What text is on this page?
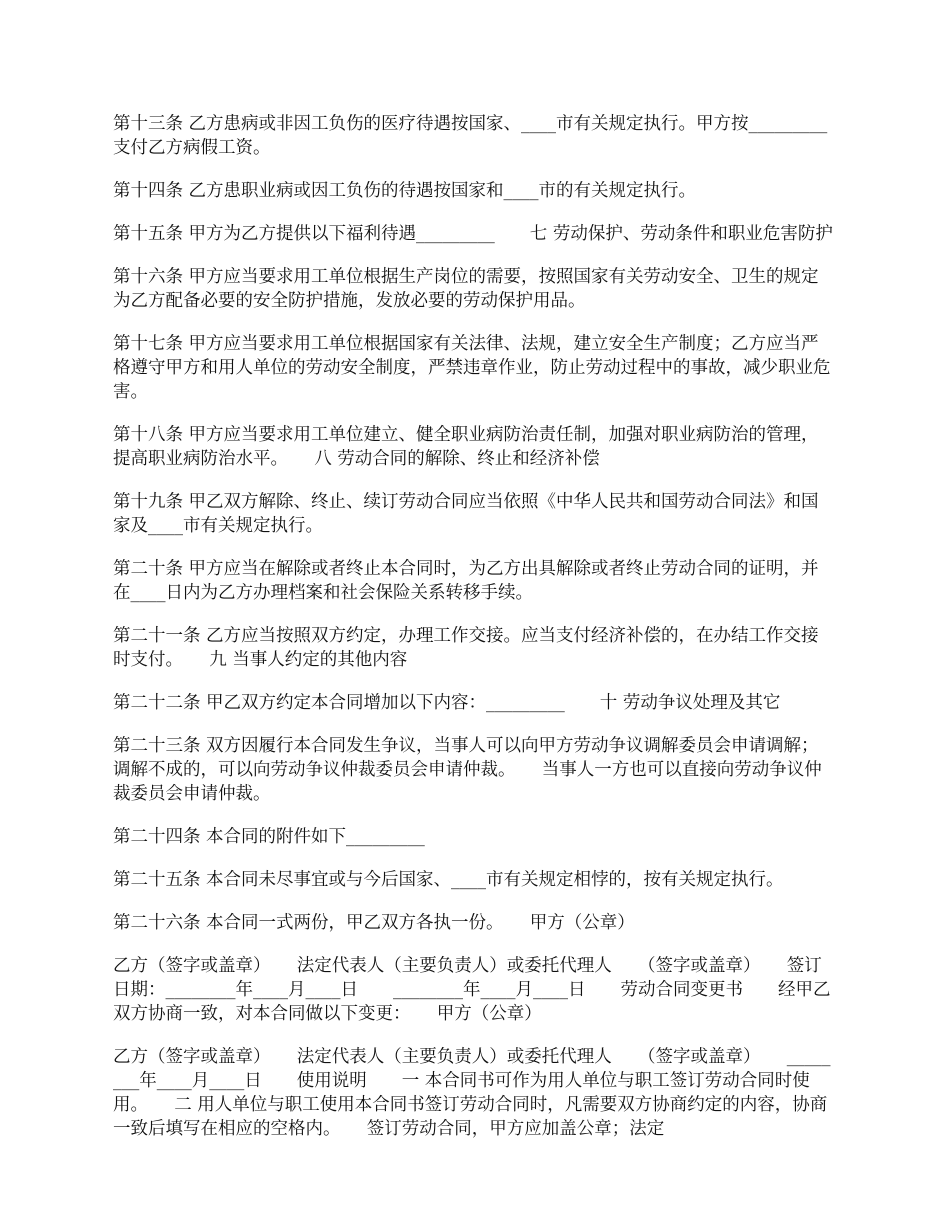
第十三条 乙方患病或非因工负伤的医疗待遇按国家、____市有关规定执行。甲方按_________支付乙方病假工资。

第十四条 乙方患职业病或因工负伤的待遇按国家和____市的有关规定执行。

第十五条 甲方为乙方提供以下福利待遇_________　　七 劳动保护、劳动条件和职业危害防护

第十六条 甲方应当要求用工单位根据生产岗位的需要，按照国家有关劳动安全、卫生的规定为乙方配备必要的安全防护措施，发放必要的劳动保护用品。

第十七条 甲方应当要求用工单位根据国家有关法律、法规，建立安全生产制度；乙方应当严格遵守甲方和用人单位的劳动安全制度，严禁违章作业，防止劳动过程中的事故，减少职业危害。

第十八条 甲方应当要求用工单位建立、健全职业病防治责任制，加强对职业病防治的管理，提高职业病防治水平。　　八 劳动合同的解除、终止和经济补偿

第十九条 甲乙双方解除、终止、续订劳动合同应当依照《中华人民共和国劳动合同法》和国家及____市有关规定执行。

第二十条 甲方应当在解除或者终止本合同时，为乙方出具解除或者终止劳动合同的证明，并在____日内为乙方办理档案和社会保险关系转移手续。

第二十一条 乙方应当按照双方约定，办理工作交接。应当支付经济补偿的，在办结工作交接时支付。　　九 当事人约定的其他内容

第二十二条 甲乙双方约定本合同增加以下内容：_________　　十 劳动争议处理及其它

第二十三条 双方因履行本合同发生争议，当事人可以向甲方劳动争议调解委员会申请调解；调解不成的，可以向劳动争议仲裁委员会申请仲裁。　　当事人一方也可以直接向劳动争议仲裁委员会申请仲裁。

第二十四条 本合同的附件如下_________

第二十五条 本合同未尽事宜或与今后国家、____市有关规定相悖的，按有关规定执行。

第二十六条 本合同一式两份，甲乙双方各执一份。　　甲方（公章）

乙方（签字或盖章）　　法定代表人（主要负责人）或委托代理人　　（签字或盖章）　　签订日期：________年____月____日　　________年____月____日　　劳动合同变更书　　经甲乙双方协商一致，对本合同做以下变更：　　甲方（公章）

乙方（签字或盖章）　　法定代表人（主要负责人）或委托代理人　　（签字或盖章）　　________年____月____日　　使用说明　　一 本合同书可作为用人单位与职工签订劳动合同时使用。　　二 用人单位与职工使用本合同书签订劳动合同时，凡需要双方协商约定的内容，协商一致后填写在相应的空格内。　　签订劳动合同，甲方应加盖公章；法定
